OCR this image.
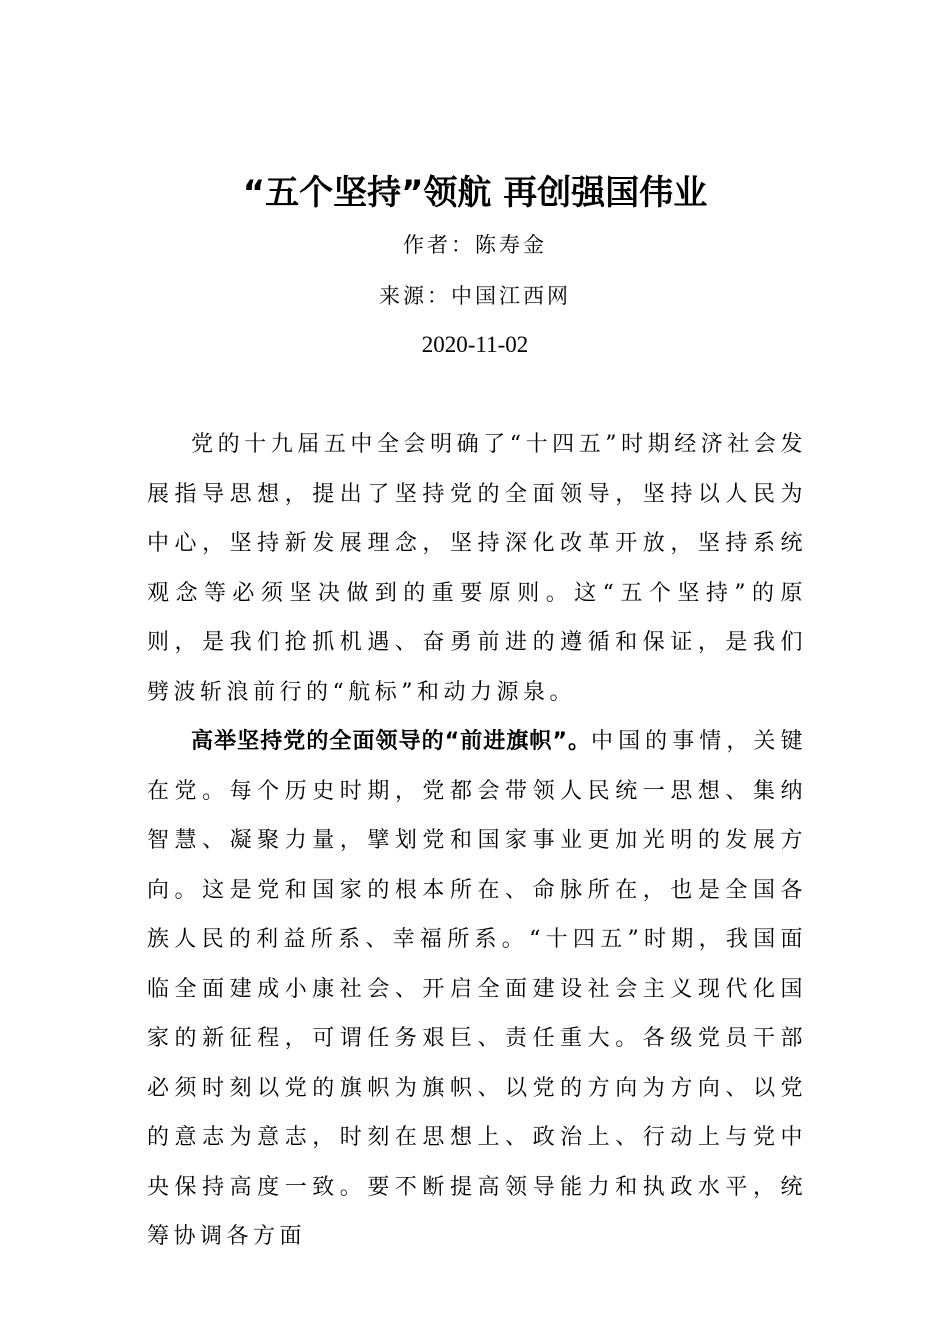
“五个坚持”领航 再创强国伟业
作者：陈寿金
来源：中国江西网
2020-11-02

党的十九届五中全会明确了“十四五”时期经济社会发展指导思想，提出了坚持党的全面领导，坚持以人民为中心，坚持新发展理念，坚持深化改革开放，坚持系统观念等必须坚决做到的重要原则。这“五个坚持”的原则，是我们抢抓机遇、奋勇前进的遵循和保证，是我们劈波斩浪前行的“航标”和动力源泉。

高举坚持党的全面领导的“前进旗帜”。中国的事情，关键在党。每个历史时期，党都会带领人民统一思想、集纳智慧、凝聚力量，擘划党和国家事业更加光明的发展方向。这是党和国家的根本所在、命脉所在，也是全国各族人民的利益所系、幸福所系。“十四五”时期，我国面临全面建成小康社会、开启全面建设社会主义现代化国家的新征程，可谓任务艰巨、责任重大。各级党员干部必须时刻以党的旗帜为旗帜、以党的方向为方向、以党的意志为意志，时刻在思想上、政治上、行动上与党中央保持高度一致。要不断提高领导能力和执政水平，统筹协调各方面
